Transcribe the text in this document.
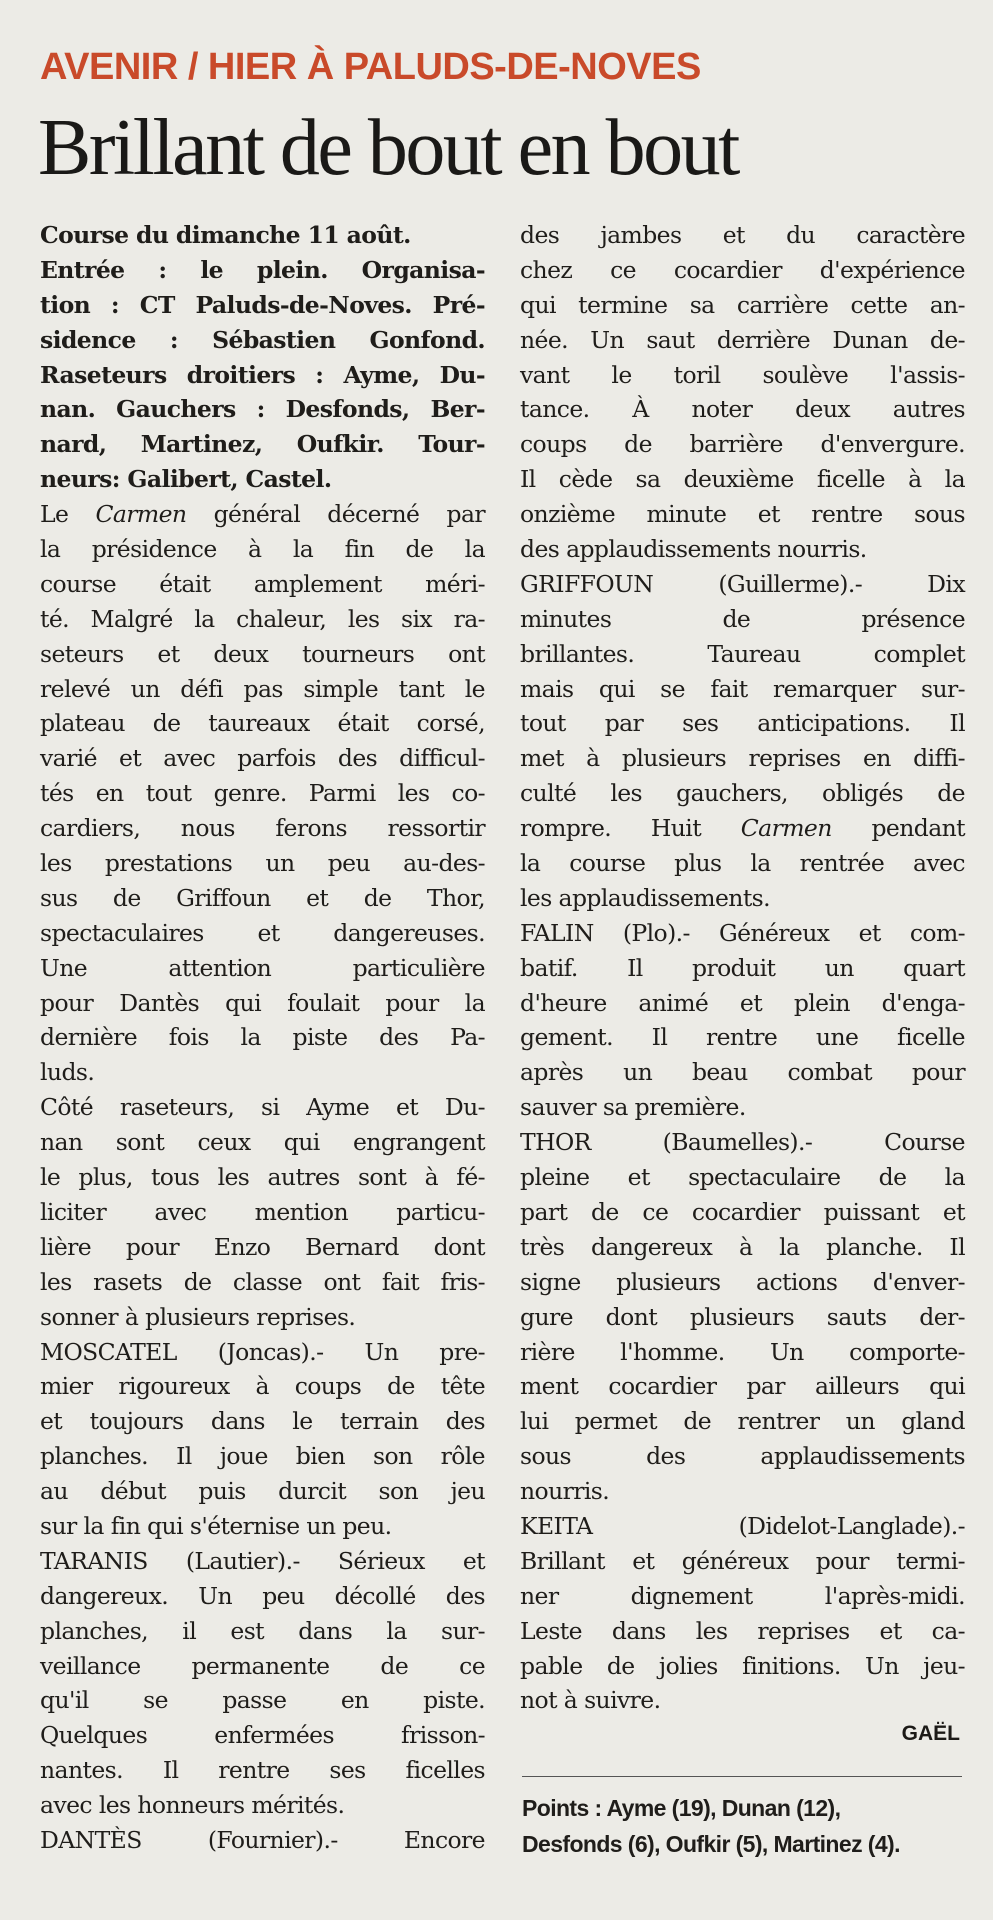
AVENIR / HIER À PALUDS-DE-NOVES
Brillant de bout en bout
Course du dimanche 11 août.
Entrée : le plein. Organisa-
tion : CT Paluds-de-Noves. Pré-
sidence : Sébastien Gonfond.
Raseteurs droitiers : Ayme, Du-
nan. Gauchers : Desfonds, Ber-
nard, Martinez, Oufkir. Tour-
neurs: Galibert, Castel.
Le Carmen général décerné par
la présidence à la fin de la
course était amplement méri-
té. Malgré la chaleur, les six ra-
seteurs et deux tourneurs ont
relevé un défi pas simple tant le
plateau de taureaux était corsé,
varié et avec parfois des difficul-
tés en tout genre. Parmi les co-
cardiers, nous ferons ressortir
les prestations un peu au-des-
sus de Griffoun et de Thor,
spectaculaires et dangereuses.
Une attention particulière
pour Dantès qui foulait pour la
dernière fois la piste des Pa-
luds.
Côté raseteurs, si Ayme et Du-
nan sont ceux qui engrangent
le plus, tous les autres sont à fé-
liciter avec mention particu-
lière pour Enzo Bernard dont
les rasets de classe ont fait fris-
sonner à plusieurs reprises.
MOSCATEL (Joncas).- Un pre-
mier rigoureux à coups de tête
et toujours dans le terrain des
planches. Il joue bien son rôle
au début puis durcit son jeu
sur la fin qui s'éternise un peu.
TARANIS (Lautier).- Sérieux et
dangereux. Un peu décollé des
planches, il est dans la sur-
veillance permanente de ce
qu'il se passe en piste.
Quelques enfermées frisson-
nantes. Il rentre ses ficelles
avec les honneurs mérités.
DANTÈS (Fournier).- Encore
des jambes et du caractère
chez ce cocardier d'expérience
qui termine sa carrière cette an-
née. Un saut derrière Dunan de-
vant le toril soulève l'assis-
tance. À noter deux autres
coups de barrière d'envergure.
Il cède sa deuxième ficelle à la
onzième minute et rentre sous
des applaudissements nourris.
GRIFFOUN (Guillerme).- Dix
minutes de présence
brillantes. Taureau complet
mais qui se fait remarquer sur-
tout par ses anticipations. Il
met à plusieurs reprises en diffi-
culté les gauchers, obligés de
rompre. Huit Carmen pendant
la course plus la rentrée avec
les applaudissements.
FALIN (Plo).- Généreux et com-
batif. Il produit un quart
d'heure animé et plein d'enga-
gement. Il rentre une ficelle
après un beau combat pour
sauver sa première.
THOR (Baumelles).- Course
pleine et spectaculaire de la
part de ce cocardier puissant et
très dangereux à la planche. Il
signe plusieurs actions d'enver-
gure dont plusieurs sauts der-
rière l'homme. Un comporte-
ment cocardier par ailleurs qui
lui permet de rentrer un gland
sous des applaudissements
nourris.
KEITA (Didelot-Langlade).-
Brillant et généreux pour termi-
ner dignement l'après-midi.
Leste dans les reprises et ca-
pable de jolies finitions. Un jeu-
not à suivre.
GAËL
Points : Ayme (19), Dunan (12),
Desfonds (6), Oufkir (5), Martinez (4).
